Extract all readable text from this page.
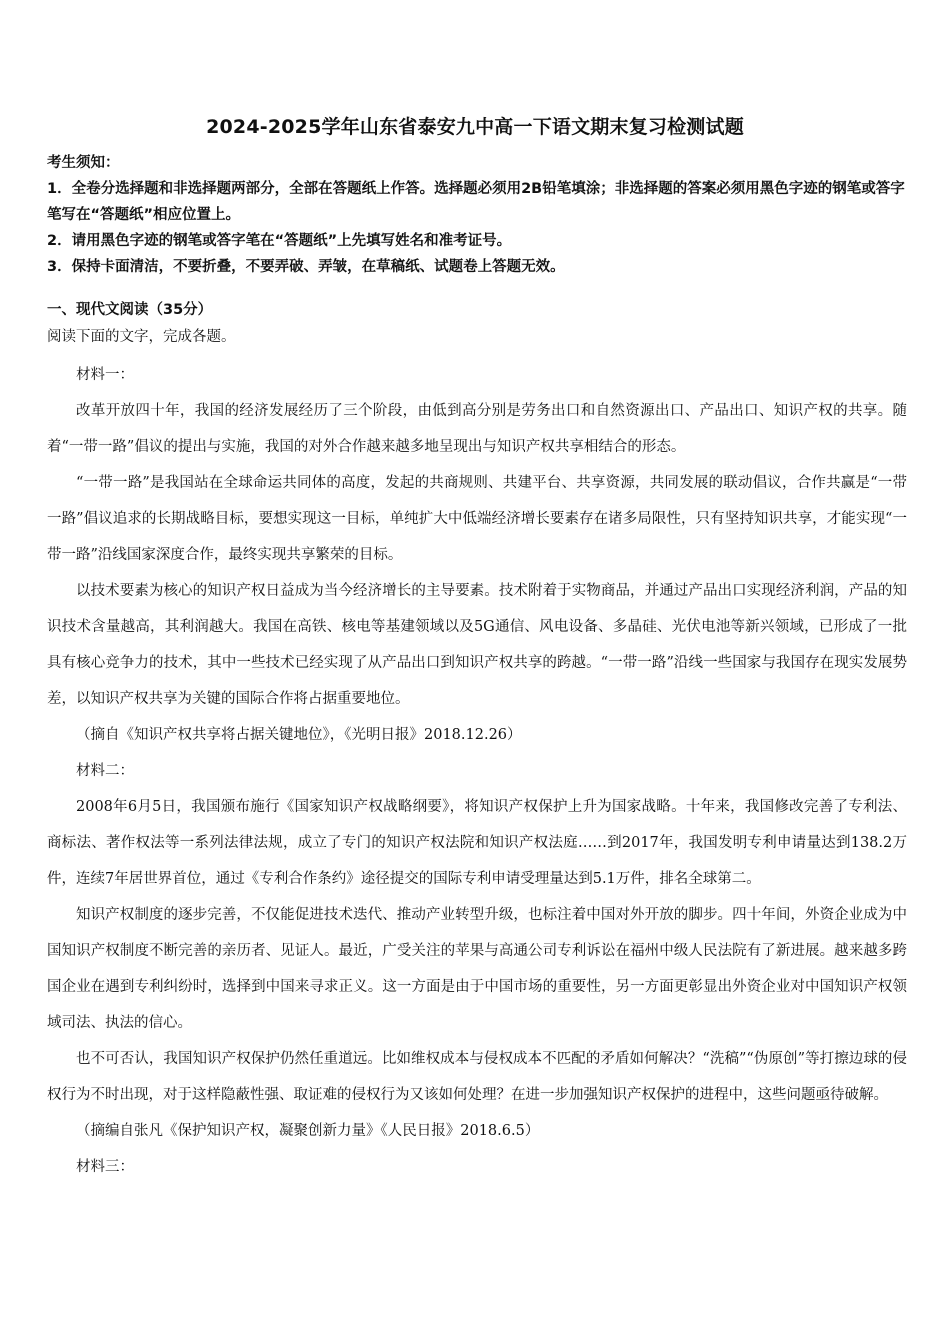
2024-2025学年山东省泰安九中高一下语文期末复习检测试题

考生须知：

1．全卷分选择题和非选择题两部分，全部在答题纸上作答。选择题必须用2B铅笔填涂；非选择题的答案必须用黑色字迹的钢笔或答字笔写在“答题纸”相应位置上。

2．请用黑色字迹的钢笔或答字笔在“答题纸”上先填写姓名和准考证号。

3．保持卡面清洁，不要折叠，不要弄破、弄皱，在草稿纸、试题卷上答题无效。

一、现代文阅读（35分）
阅读下面的文字，完成各题。

材料一：

改革开放四十年，我国的经济发展经历了三个阶段，由低到高分别是劳务出口和自然资源出口、产品出口、知识产权的共享。随着“一带一路”倡议的提出与实施，我国的对外合作越来越多地呈现出与知识产权共享相结合的形态。

“一带一路”是我国站在全球命运共同体的高度，发起的共商规则、共建平台、共享资源，共同发展的联动倡议，合作共赢是“一带一路”倡议追求的长期战略目标，要想实现这一目标，单纯扩大中低端经济增长要素存在诸多局限性，只有坚持知识共享，才能实现“一带一路”沿线国家深度合作，最终实现共享繁荣的目标。

以技术要素为核心的知识产权日益成为当今经济增长的主导要素。技术附着于实物商品，并通过产品出口实现经济利润，产品的知识技术含量越高，其利润越大。我国在高铁、核电等基建领域以及5G通信、风电设备、多晶硅、光伏电池等新兴领域，已形成了一批具有核心竞争力的技术，其中一些技术已经实现了从产品出口到知识产权共享的跨越。“一带一路”沿线一些国家与我国存在现实发展势差，以知识产权共享为关键的国际合作将占据重要地位。

（摘自《知识产权共享将占据关键地位》，《光明日报》2018.12.26）

材料二：

2008年6月5日，我国颁布施行《国家知识产权战略纲要》，将知识产权保护上升为国家战略。十年来，我国修改完善了专利法、商标法、著作权法等一系列法律法规，成立了专门的知识产权法院和知识产权法庭……到2017年，我国发明专利申请量达到138.2万件，连续7年居世界首位，通过《专利合作条约》途径提交的国际专利申请受理量达到5.1万件，排名全球第二。

知识产权制度的逐步完善，不仅能促进技术迭代、推动产业转型升级，也标注着中国对外开放的脚步。四十年间，外资企业成为中国知识产权制度不断完善的亲历者、见证人。最近，广受关注的苹果与高通公司专利诉讼在福州中级人民法院有了新进展。越来越多跨国企业在遇到专利纠纷时，选择到中国来寻求正义。这一方面是由于中国市场的重要性，另一方面更彰显出外资企业对中国知识产权领域司法、执法的信心。

也不可否认，我国知识产权保护仍然任重道远。比如维权成本与侵权成本不匹配的矛盾如何解决？“洗稿”“伪原创”等打擦边球的侵权行为不时出现，对于这样隐蔽性强、取证难的侵权行为又该如何处理？在进一步加强知识产权保护的进程中，这些问题亟待破解。

（摘编自张凡《保护知识产权，凝聚创新力量》《人民日报》2018.6.5）

材料三：
